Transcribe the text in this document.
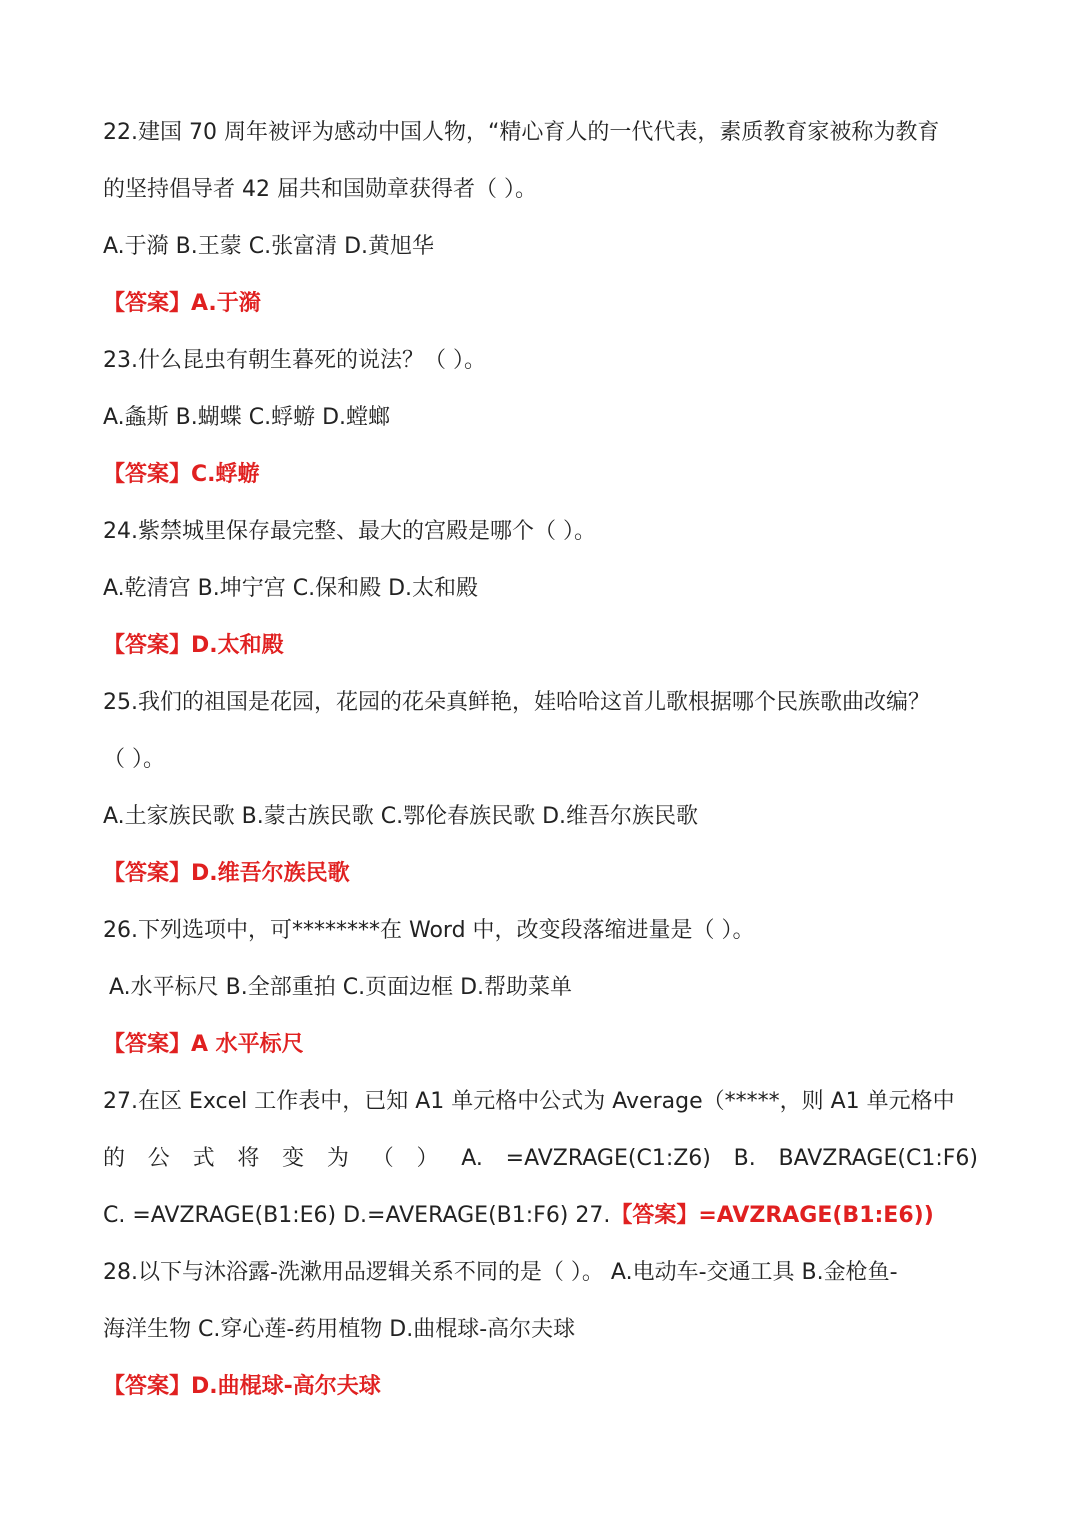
22.建国 70 周年被评为感动中国人物，“精心育人的一代代表，素质教育家被称为教育
的坚持倡导者 42 届共和国勋章获得者（ ）。
A.于漪 B.王蒙 C.张富清 D.黄旭华
【答案】A.于漪
23.什么昆虫有朝生暮死的说法？（ ）。
A.螽斯 B.蝴蝶 C.蜉蝣 D.螳螂
【答案】C.蜉蝣
24.紫禁城里保存最完整、最大的宫殿是哪个（ ）。
A.乾清宫 B.坤宁宫 C.保和殿 D.太和殿
【答案】D.太和殿
25.我们的祖国是花园，花园的花朵真鲜艳，娃哈哈这首儿歌根据哪个民族歌曲改编？
（ ）。
A.土家族民歌 B.蒙古族民歌 C.鄂伦春族民歌 D.维吾尔族民歌
【答案】D.维吾尔族民歌
26.下列选项中，可********在 Word 中，改变段落缩进量是（ ）。
A.水平标尺 B.全部重拍 C.页面边框 D.帮助菜单
【答案】A 水平标尺
27.在区 Excel 工作表中，已知 A1 单元格中公式为 Average（*****，则 A1 单元格中
的 公 式 将 变 为 （ ） A. =AVZRAGE(C1:Z6) B. BAVZRAGE(C1:F6)
C. =AVZRAGE(B1:E6) D.=AVERAGE(B1:F6) 27.【答案】=AVZRAGE(B1:E6))
28.以下与沐浴露-洗漱用品逻辑关系不同的是（ ）。 A.电动车-交通工具 B.金枪鱼-
海洋生物 C.穿心莲-药用植物 D.曲棍球-高尔夫球
【答案】D.曲棍球-高尔夫球
